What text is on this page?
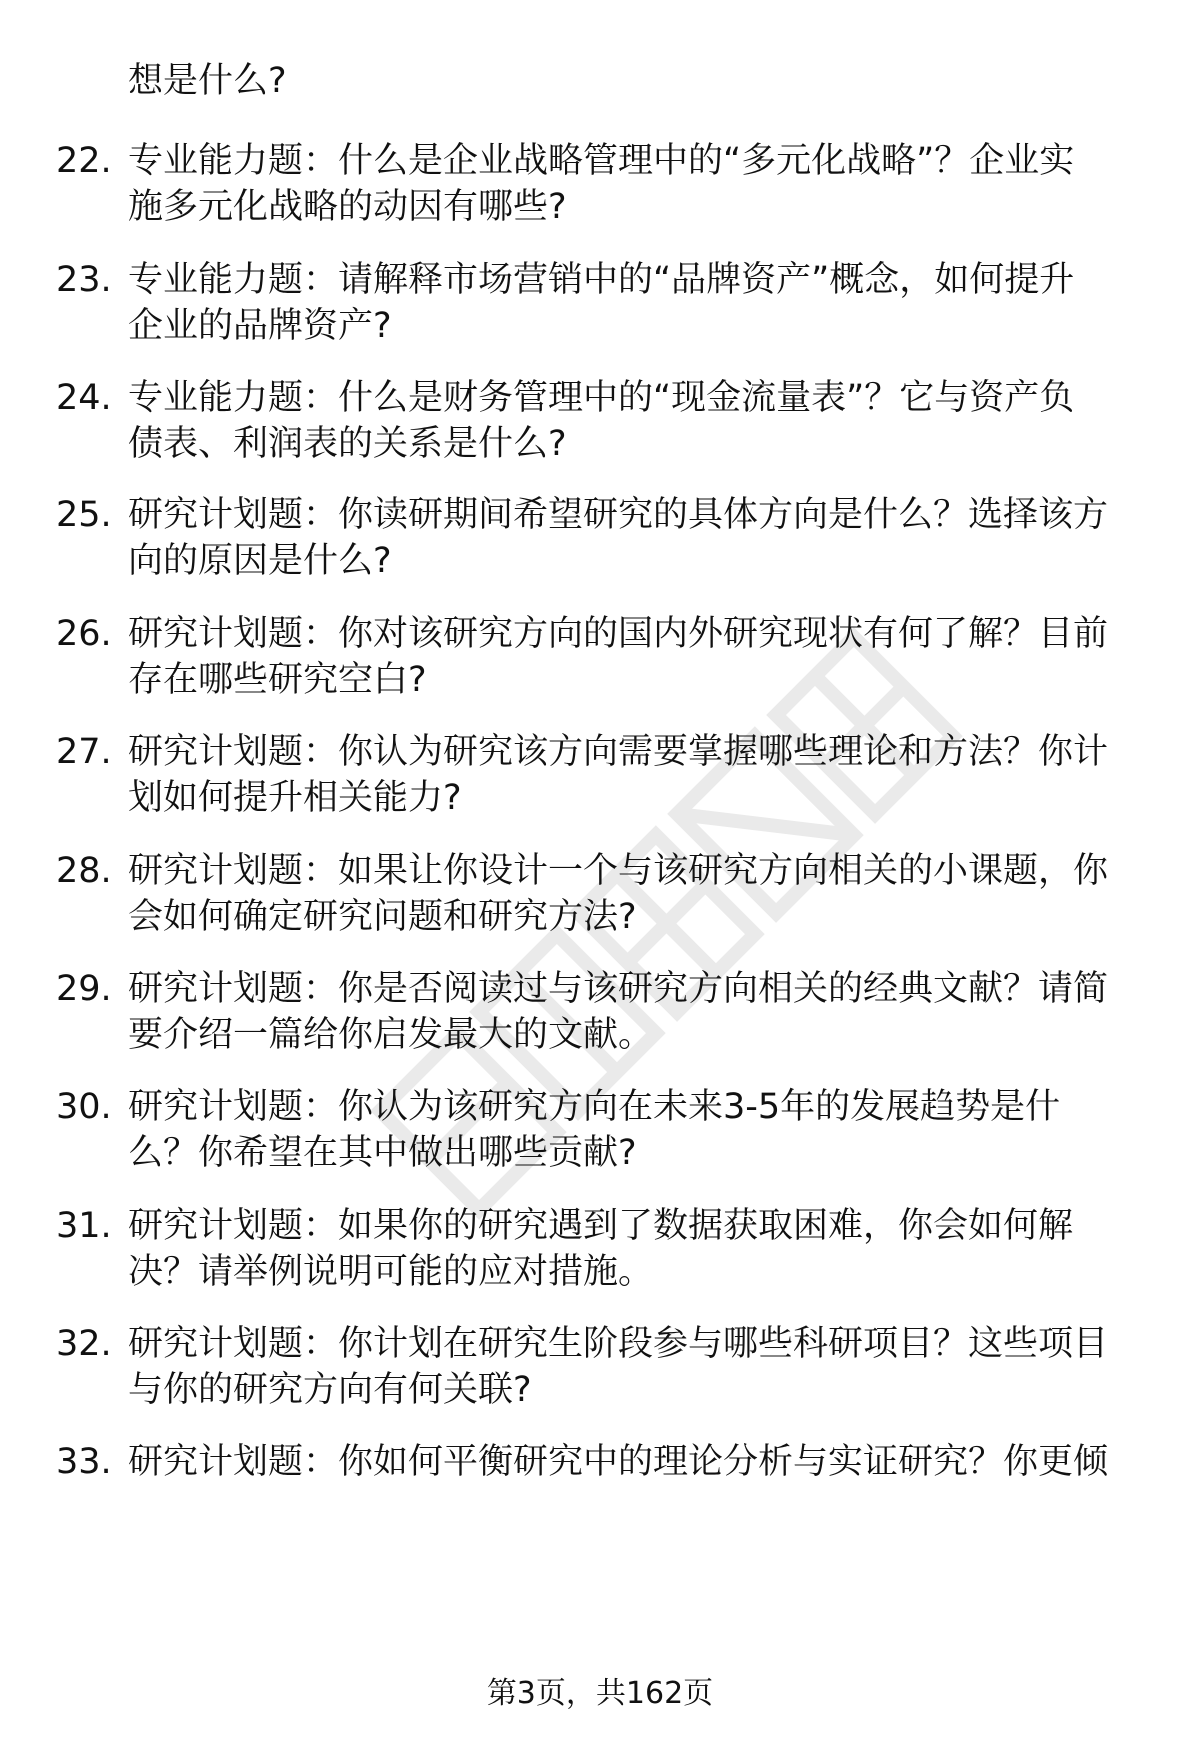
想是什么?
22. 专业能力题：什么是企业战略管理中的“多元化战略”？企业实
施多元化战略的动因有哪些?
23. 专业能力题：请解释市场营销中的“品牌资产”概念，如何提升
企业的品牌资产?
24. 专业能力题：什么是财务管理中的“现金流量表”？它与资产负
债表、利润表的关系是什么?
25. 研究计划题：你读研期间希望研究的具体方向是什么？选择该方
向的原因是什么?
26. 研究计划题：你对该研究方向的国内外研究现状有何了解？目前
存在哪些研究空白?
27. 研究计划题：你认为研究该方向需要掌握哪些理论和方法？你计
划如何提升相关能力?
28. 研究计划题：如果让你设计一个与该研究方向相关的小课题，你
会如何确定研究问题和研究方法?
29. 研究计划题：你是否阅读过与该研究方向相关的经典文献？请简
要介绍一篇给你启发最大的文献。
30. 研究计划题：你认为该研究方向在未来3-5年的发展趋势是什
么？你希望在其中做出哪些贡献?
31. 研究计划题：如果你的研究遇到了数据获取困难，你会如何解
决？请举例说明可能的应对措施。
32. 研究计划题：你计划在研究生阶段参与哪些科研项目？这些项目
与你的研究方向有何关联?
33. 研究计划题：你如何平衡研究中的理论分析与实证研究？你更倾
第3页，共162页
